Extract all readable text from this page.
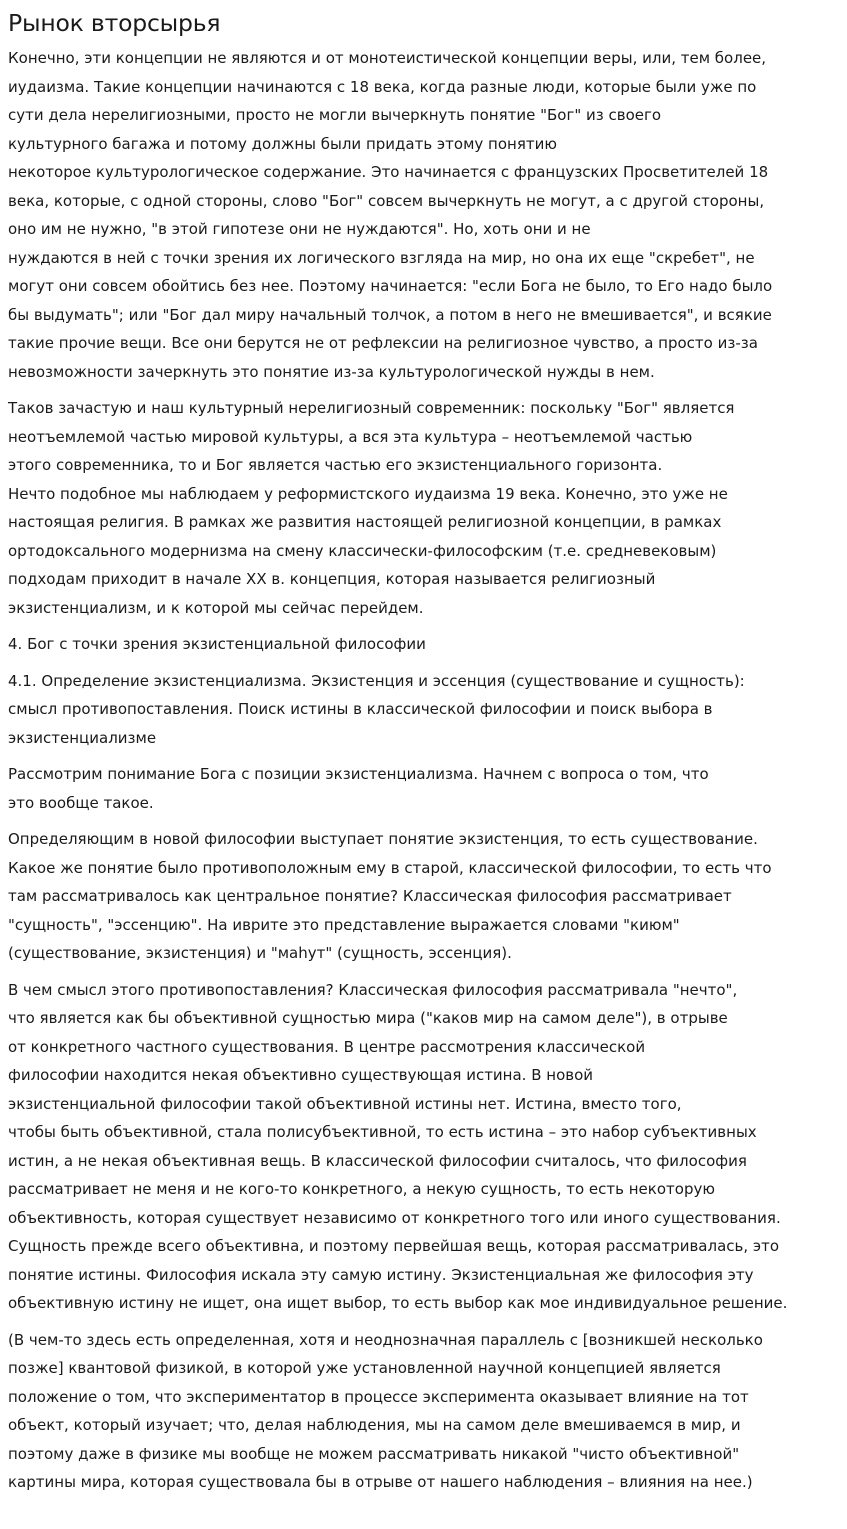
Рынок вторсырья

Конечно, эти концепции не являются и от монотеистической концепции веры, или, тем более,
иудаизма. Такие концепции начинаются с 18 века, когда разные люди, которые были уже по
сути дела нерелигиозными, просто не могли вычеркнуть понятие "Бог" из своего
культурного багажа и потому должны были придать этому понятию
некоторое культурологическое содержание. Это начинается с французских Просветителей 18
века, которые, с одной стороны, слово "Бог" совсем вычеркнуть не могут, а с другой стороны,
оно им не нужно, "в этой гипотезе они не нуждаются". Но, хоть они и не
нуждаются в ней с точки зрения их логического взгляда на мир, но она их еще "скребет", не
могут они совсем обойтись без нее. Поэтому начинается: "если Бога не было, то Его надо было
бы выдумать"; или "Бог дал миру начальный толчок, а потом в него не вмешивается", и всякие
такие прочие вещи. Все они берутся не от рефлексии на религиозное чувство, а просто из-за
невозможности зачеркнуть это понятие из-за культурологической нужды в нем.

Таков зачастую и наш культурный нерелигиозный современник: поскольку "Бог" является
неотъемлемой частью мировой культуры, а вся эта культура – неотъемлемой частью
этого современника, то и Бог является частью его экзистенциального горизонта.
Нечто подобное мы наблюдаем у реформистского иудаизма 19 века. Конечно, это уже не
настоящая религия. В рамках же развития настоящей религиозной концепции, в рамках
ортодоксального модернизма на смену классически-философским (т.е. средневековым)
подходам приходит в начале XX в. концепция, которая называется религиозный
экзистенциализм, и к которой мы сейчас перейдем.

4. Бог с точки зрения экзистенциальной философии

4.1. Определение экзистенциализма. Экзистенция и эссенция (существование и сущность):
смысл противопоставления. Поиск истины в классической философии и поиск выбора в
экзистенциализме

Рассмотрим понимание Бога с позиции экзистенциализма. Начнем с вопроса о том, что
это вообще такое.

Определяющим в новой философии выступает понятие экзистенция, то есть существование.
Какое же понятие было противоположным ему в старой, классической философии, то есть что
там рассматривалось как центральное понятие? Классическая философия рассматривает
"сущность", "эссенцию". На иврите это представление выражается словами "киюм"
(существование, экзистенция) и "маhут" (сущность, эссенция).

В чем смысл этого противопоставления? Классическая философия рассматривала "нечто",
что является как бы объективной сущностью мира ("каков мир на самом деле"), в отрыве
от конкретного частного существования. В центре рассмотрения классической
философии находится некая объективно существующая истина. В новой
экзистенциальной философии такой объективной истины нет. Истина, вместо того,
чтобы быть объективной, стала полисубъективной, то есть истина – это набор субъективных
истин, а не некая объективная вещь. В классической философии считалось, что философия
рассматривает не меня и не кого-то конкретного, а некую сущность, то есть некоторую
объективность, которая существует независимо от конкретного того или иного существования.
Сущность прежде всего объективна, и поэтому первейшая вещь, которая рассматривалась, это
понятие истины. Философия искала эту самую истину. Экзистенциальная же философия эту
объективную истину не ищет, она ищет выбор, то есть выбор как мое индивидуальное решение.

(В чем-то здесь есть определенная, хотя и неоднозначная параллель с [возникшей несколько
позже] квантовой физикой, в которой уже установленной научной концепцией является
положение о том, что экспериментатор в процессе эксперимента оказывает влияние на тот
объект, который изучает; что, делая наблюдения, мы на самом деле вмешиваемся в мир, и
поэтому даже в физике мы вообще не можем рассматривать никакой "чисто объективной"
картины мира, которая существовала бы в отрыве от нашего наблюдения – влияния на нее.)
